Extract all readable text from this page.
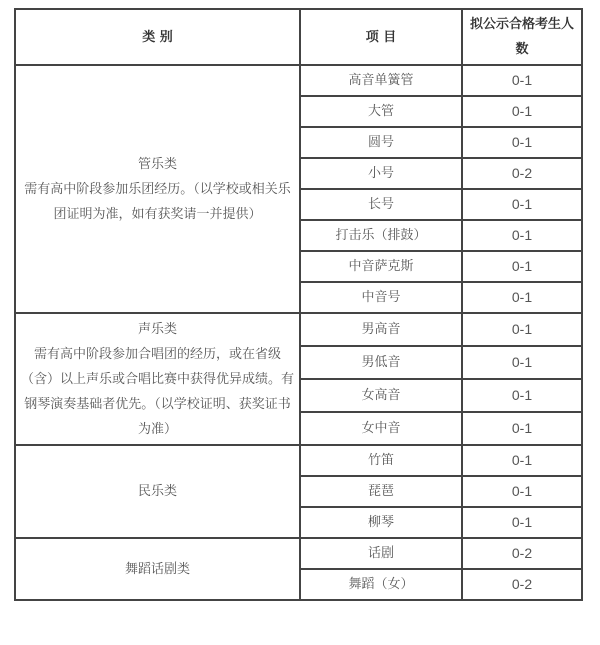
类 别	项 目	拟公示合格考生人数

管乐类
需有高中阶段参加乐团经历。（以学校或相关乐团证明为准，如有获奖请一并提供）	高音单簧管	0-1
	大管	0-1
	圆号	0-1
	小号	0-2
	长号	0-1
	打击乐（排鼓）	0-1
	中音萨克斯	0-1
	中音号	0-1

声乐类
需有高中阶段参加合唱团的经历，或在省级（含）以上声乐或合唱比赛中获得优异成绩。有钢琴演奏基础者优先。（以学校证明、获奖证书为准）	男高音	0-1
	男低音	0-1
	女高音	0-1
	女中音	0-1

民乐类	竹笛	0-1
	琵琶	0-1
	柳琴	0-1

舞蹈话剧类	话剧	0-2
	舞蹈（女）	0-2
